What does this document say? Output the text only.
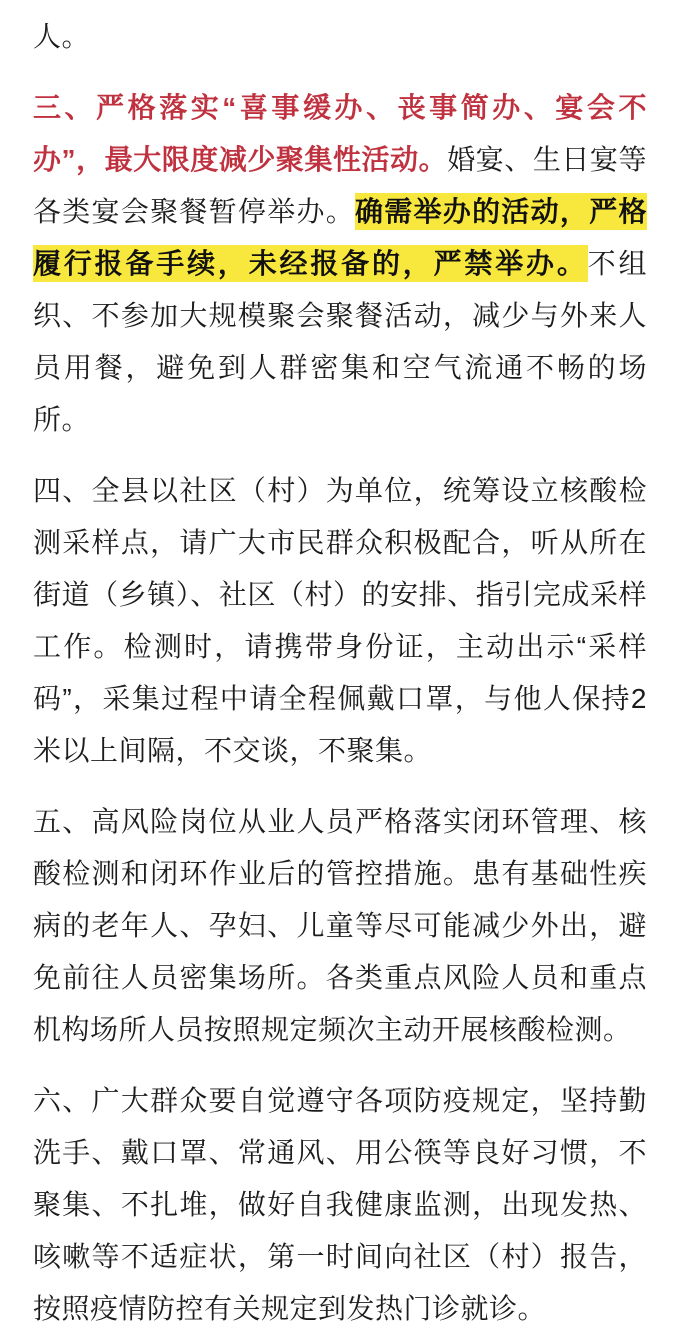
人。

三、严格落实“喜事缓办、丧事简办、宴会不办”，最大限度减少聚集性活动。婚宴、生日宴等各类宴会聚餐暂停举办。确需举办的活动，严格履行报备手续，未经报备的，严禁举办。不组织、不参加大规模聚会聚餐活动，减少与外来人员用餐，避免到人群密集和空气流通不畅的场所。

四、全县以社区（村）为单位，统筹设立核酸检测采样点，请广大市民群众积极配合，听从所在街道（乡镇）、社区（村）的安排、指引完成采样工作。检测时，请携带身份证，主动出示“采样码”，采集过程中请全程佩戴口罩，与他人保持2米以上间隔，不交谈，不聚集。

五、高风险岗位从业人员严格落实闭环管理、核酸检测和闭环作业后的管控措施。患有基础性疾病的老年人、孕妇、儿童等尽可能减少外出，避免前往人员密集场所。各类重点风险人员和重点机构场所人员按照规定频次主动开展核酸检测。

六、广大群众要自觉遵守各项防疫规定，坚持勤洗手、戴口罩、常通风、用公筷等良好习惯，不聚集、不扎堆，做好自我健康监测，出现发热、咳嗽等不适症状，第一时间向社区（村）报告，按照疫情防控有关规定到发热门诊就诊。
